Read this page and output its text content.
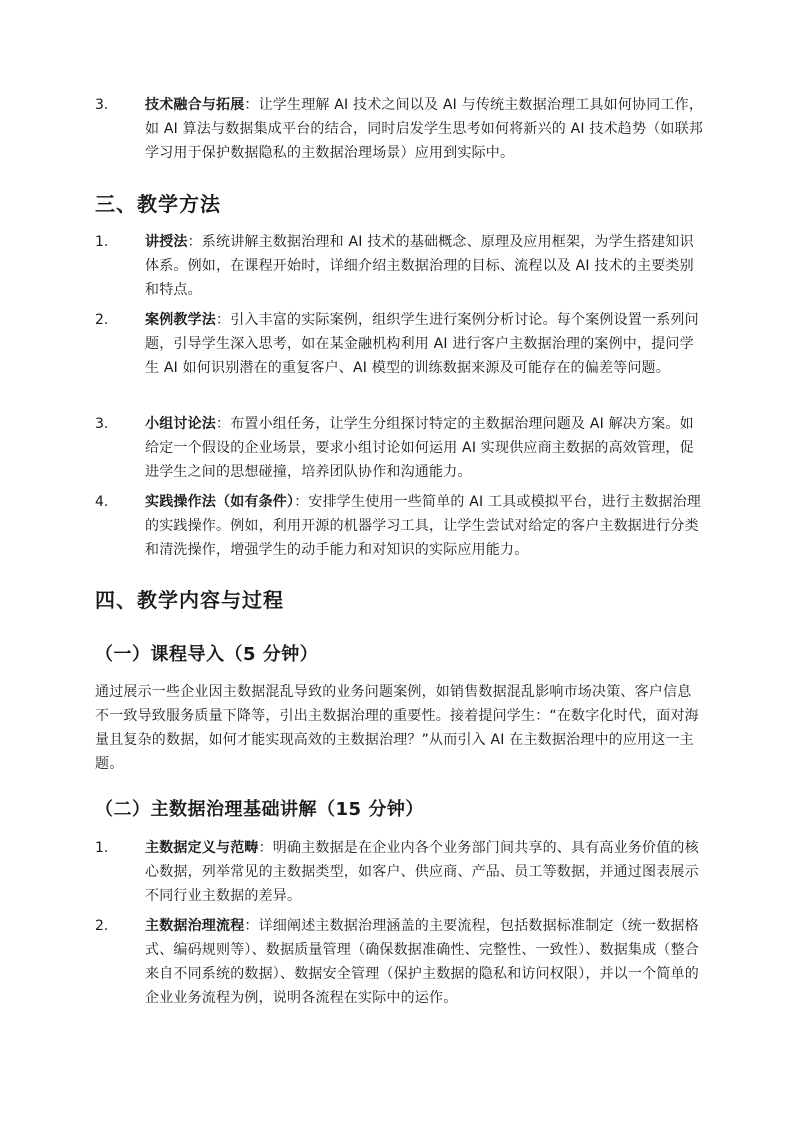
3.	技术融合与拓展：让学生理解 AI 技术之间以及 AI 与传统主数据治理工具如何协同工作，如 AI 算法与数据集成平台的结合，同时启发学生思考如何将新兴的 AI 技术趋势（如联邦学习用于保护数据隐私的主数据治理场景）应用到实际中。
三、教学方法
1.	讲授法：系统讲解主数据治理和 AI 技术的基础概念、原理及应用框架，为学生搭建知识体系。例如，在课程开始时，详细介绍主数据治理的目标、流程以及 AI 技术的主要类别和特点。
2.	案例教学法：引入丰富的实际案例，组织学生进行案例分析讨论。每个案例设置一系列问题，引导学生深入思考，如在某金融机构利用 AI 进行客户主数据治理的案例中，提问学生 AI 如何识别潜在的重复客户、AI 模型的训练数据来源及可能存在的偏差等问题。
3.	小组讨论法：布置小组任务，让学生分组探讨特定的主数据治理问题及 AI 解决方案。如给定一个假设的企业场景，要求小组讨论如何运用 AI 实现供应商主数据的高效管理，促进学生之间的思想碰撞，培养团队协作和沟通能力。
4.	实践操作法（如有条件）：安排学生使用一些简单的 AI 工具或模拟平台，进行主数据治理的实践操作。例如，利用开源的机器学习工具，让学生尝试对给定的客户主数据进行分类和清洗操作，增强学生的动手能力和对知识的实际应用能力。
四、教学内容与过程
（一）课程导入（5 分钟）
通过展示一些企业因主数据混乱导致的业务问题案例，如销售数据混乱影响市场决策、客户信息不一致导致服务质量下降等，引出主数据治理的重要性。接着提问学生：“在数字化时代，面对海量且复杂的数据，如何才能实现高效的主数据治理？”从而引入 AI 在主数据治理中的应用这一主题。
（二）主数据治理基础讲解（15 分钟）
1.	主数据定义与范畴：明确主数据是在企业内各个业务部门间共享的、具有高业务价值的核心数据，列举常见的主数据类型，如客户、供应商、产品、员工等数据，并通过图表展示不同行业主数据的差异。
2.	主数据治理流程：详细阐述主数据治理涵盖的主要流程，包括数据标准制定（统一数据格式、编码规则等）、数据质量管理（确保数据准确性、完整性、一致性）、数据集成（整合来自不同系统的数据）、数据安全管理（保护主数据的隐私和访问权限），并以一个简单的企业业务流程为例，说明各流程在实际中的运作。
